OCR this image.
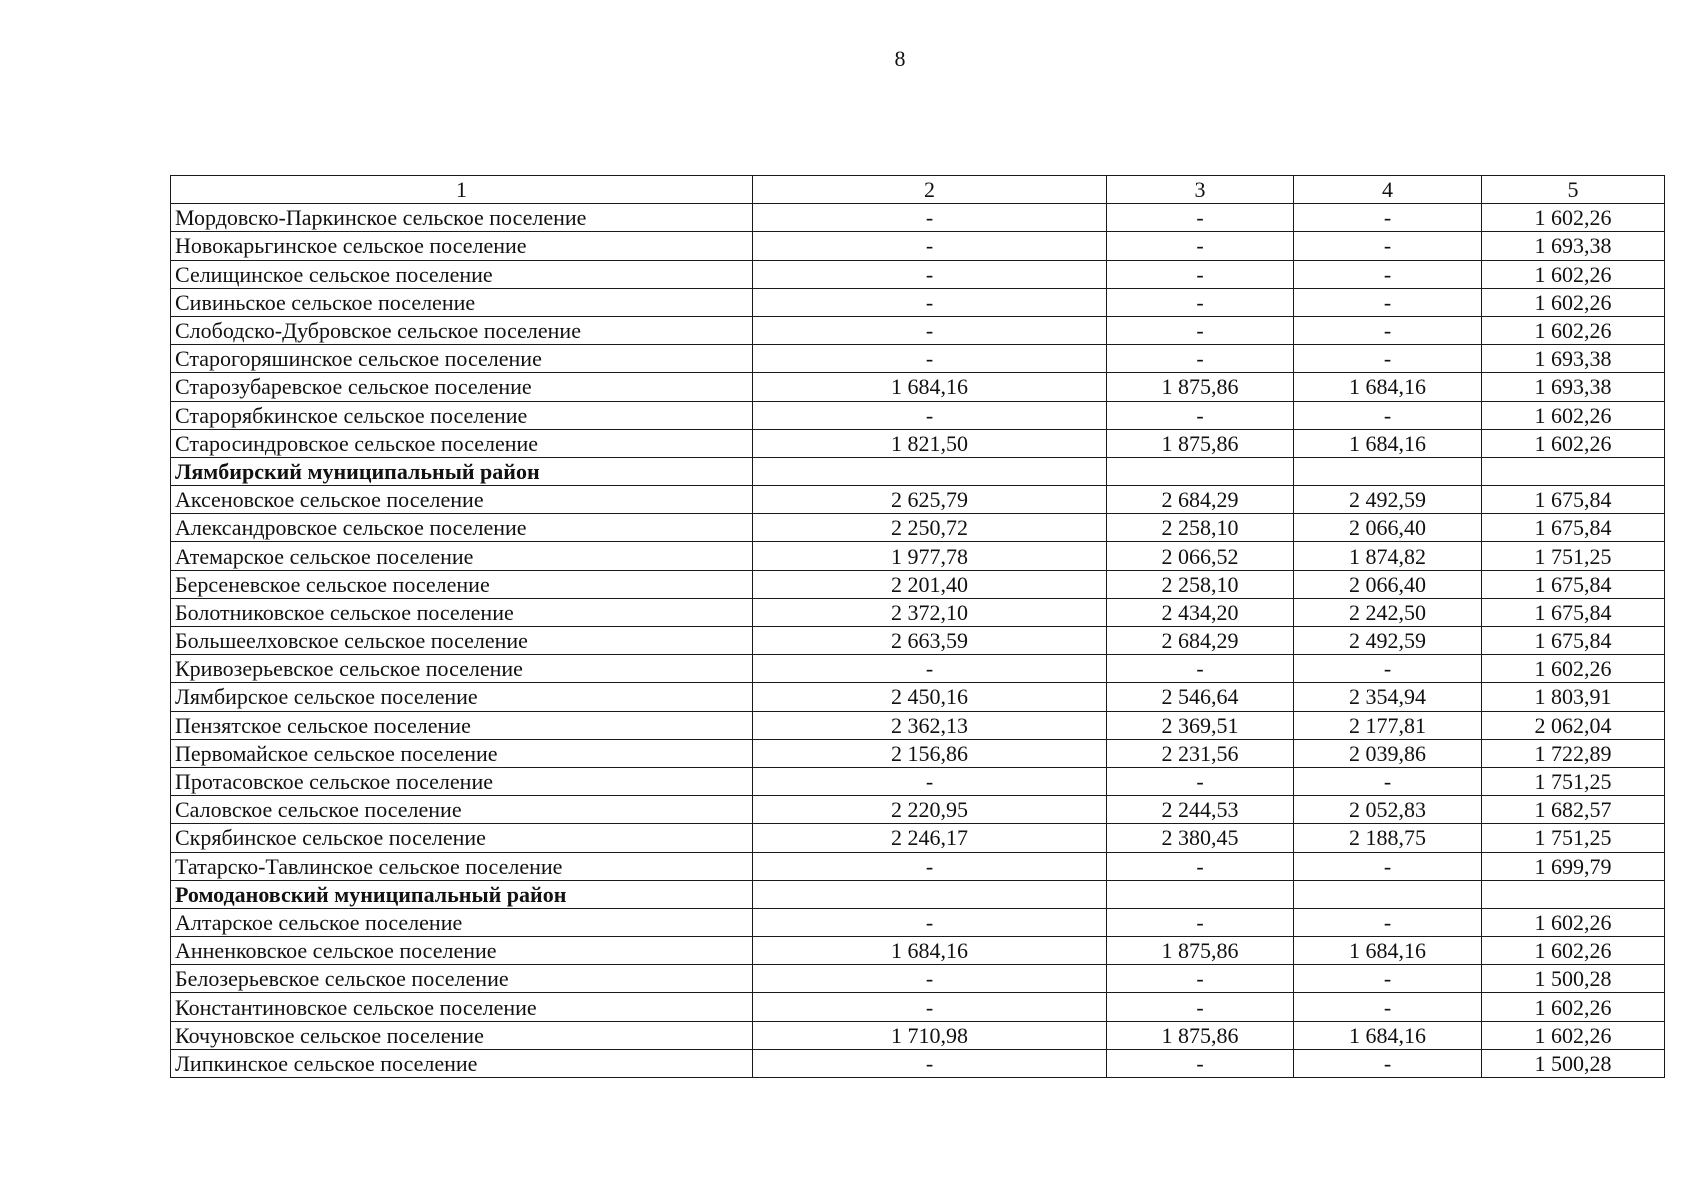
8
1	2	3	4	5
Мордовско-Паркинское сельское поселение	-	-	-	1 602,26
Новокарьгинское сельское поселение	-	-	-	1 693,38
Селищинское сельское поселение	-	-	-	1 602,26
Сивиньское сельское поселение	-	-	-	1 602,26
Слободско-Дубровское сельское поселение	-	-	-	1 602,26
Старогоряшинское сельское поселение	-	-	-	1 693,38
Старозубаревское сельское поселение	1 684,16	1 875,86	1 684,16	1 693,38
Старорябкинское сельское поселение	-	-	-	1 602,26
Старосиндровское сельское поселение	1 821,50	1 875,86	1 684,16	1 602,26
Лямбирский муниципальный район				
Аксеновское сельское поселение	2 625,79	2 684,29	2 492,59	1 675,84
Александровское сельское поселение	2 250,72	2 258,10	2 066,40	1 675,84
Атемарское сельское поселение	1 977,78	2 066,52	1 874,82	1 751,25
Берсеневское сельское поселение	2 201,40	2 258,10	2 066,40	1 675,84
Болотниковское сельское поселение	2 372,10	2 434,20	2 242,50	1 675,84
Большеелховское сельское поселение	2 663,59	2 684,29	2 492,59	1 675,84
Кривозерьевское сельское поселение	-	-	-	1 602,26
Лямбирское сельское поселение	2 450,16	2 546,64	2 354,94	1 803,91
Пензятское сельское поселение	2 362,13	2 369,51	2 177,81	2 062,04
Первомайское сельское поселение	2 156,86	2 231,56	2 039,86	1 722,89
Протасовское сельское поселение	-	-	-	1 751,25
Саловское сельское поселение	2 220,95	2 244,53	2 052,83	1 682,57
Скрябинское сельское поселение	2 246,17	2 380,45	2 188,75	1 751,25
Татарско-Тавлинское сельское поселение	-	-	-	1 699,79
Ромодановский муниципальный район				
Алтарское сельское поселение	-	-	-	1 602,26
Анненковское сельское поселение	1 684,16	1 875,86	1 684,16	1 602,26
Белозерьевское сельское поселение	-	-	-	1 500,28
Константиновское сельское поселение	-	-	-	1 602,26
Кочуновское сельское поселение	1 710,98	1 875,86	1 684,16	1 602,26
Липкинское сельское поселение	-	-	-	1 500,28
